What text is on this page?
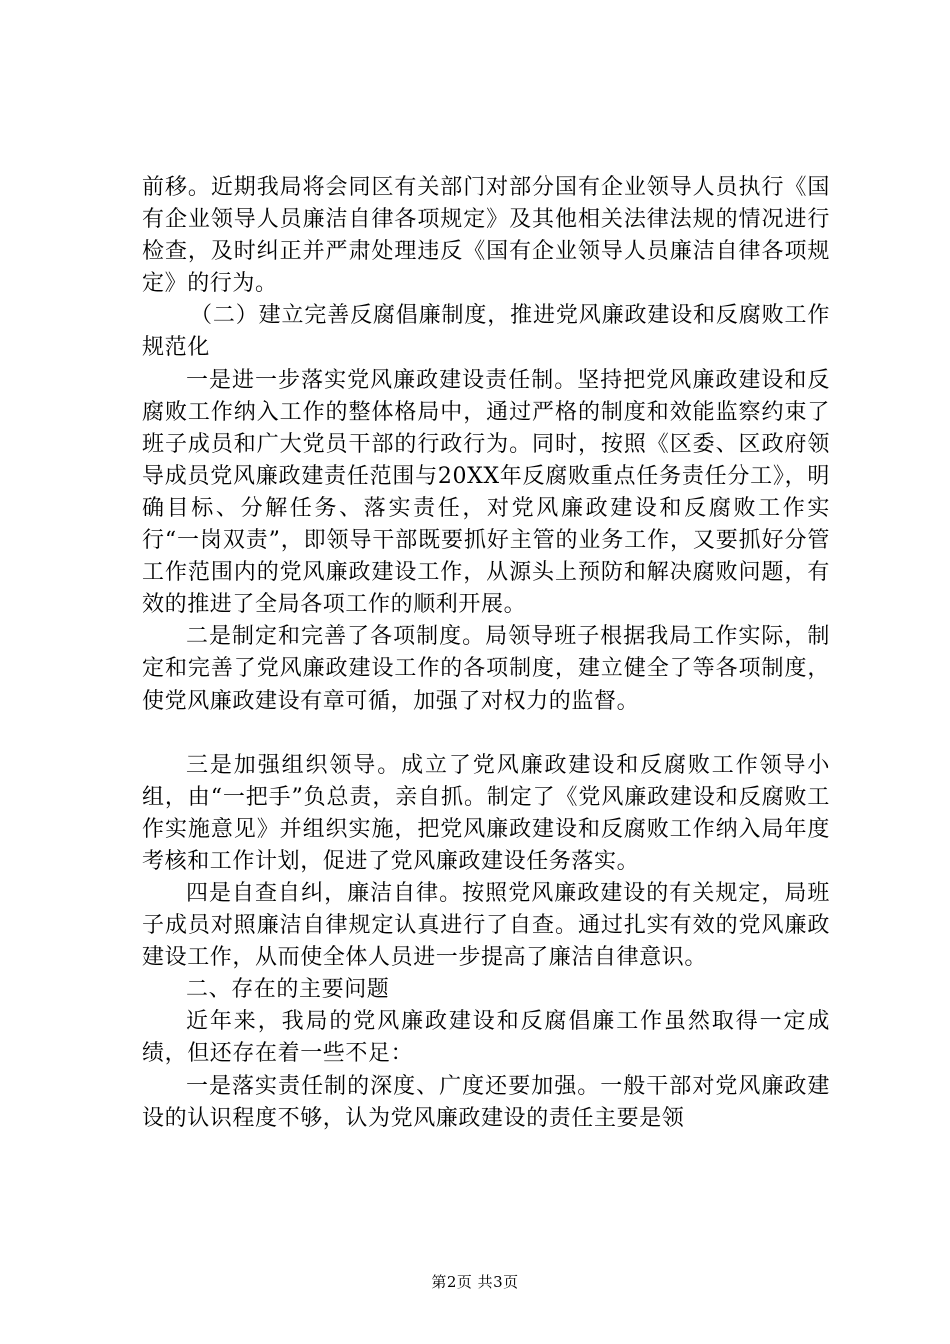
前移。近期我局将会同区有关部门对部分国有企业领导人员执行《国有企业领导人员廉洁自律各项规定》及其他相关法律法规的情况进行检查，及时纠正并严肃处理违反《国有企业领导人员廉洁自律各项规定》的行为。

（二）建立完善反腐倡廉制度，推进党风廉政建设和反腐败工作规范化

一是进一步落实党风廉政建设责任制。坚持把党风廉政建设和反腐败工作纳入工作的整体格局中，通过严格的制度和效能监察约束了班子成员和广大党员干部的行政行为。同时，按照《区委、区政府领导成员党风廉政建责任范围与20XX年反腐败重点任务责任分工》，明确目标、分解任务、落实责任，对党风廉政建设和反腐败工作实行“一岗双责”，即领导干部既要抓好主管的业务工作，又要抓好分管工作范围内的党风廉政建设工作，从源头上预防和解决腐败问题，有效的推进了全局各项工作的顺利开展。

二是制定和完善了各项制度。局领导班子根据我局工作实际，制定和完善了党风廉政建设工作的各项制度，建立健全了等各项制度，使党风廉政建设有章可循，加强了对权力的监督。

三是加强组织领导。成立了党风廉政建设和反腐败工作领导小组，由“一把手”负总责，亲自抓。制定了《党风廉政建设和反腐败工作实施意见》并组织实施，把党风廉政建设和反腐败工作纳入局年度考核和工作计划，促进了党风廉政建设任务落实。

四是自查自纠，廉洁自律。按照党风廉政建设的有关规定，局班子成员对照廉洁自律规定认真进行了自查。通过扎实有效的党风廉政建设工作，从而使全体人员进一步提高了廉洁自律意识。

二、存在的主要问题

近年来，我局的党风廉政建设和反腐倡廉工作虽然取得一定成绩，但还存在着一些不足：

一是落实责任制的深度、广度还要加强。一般干部对党风廉政建设的认识程度不够，认为党风廉政建设的责任主要是领

第2页 共3页
